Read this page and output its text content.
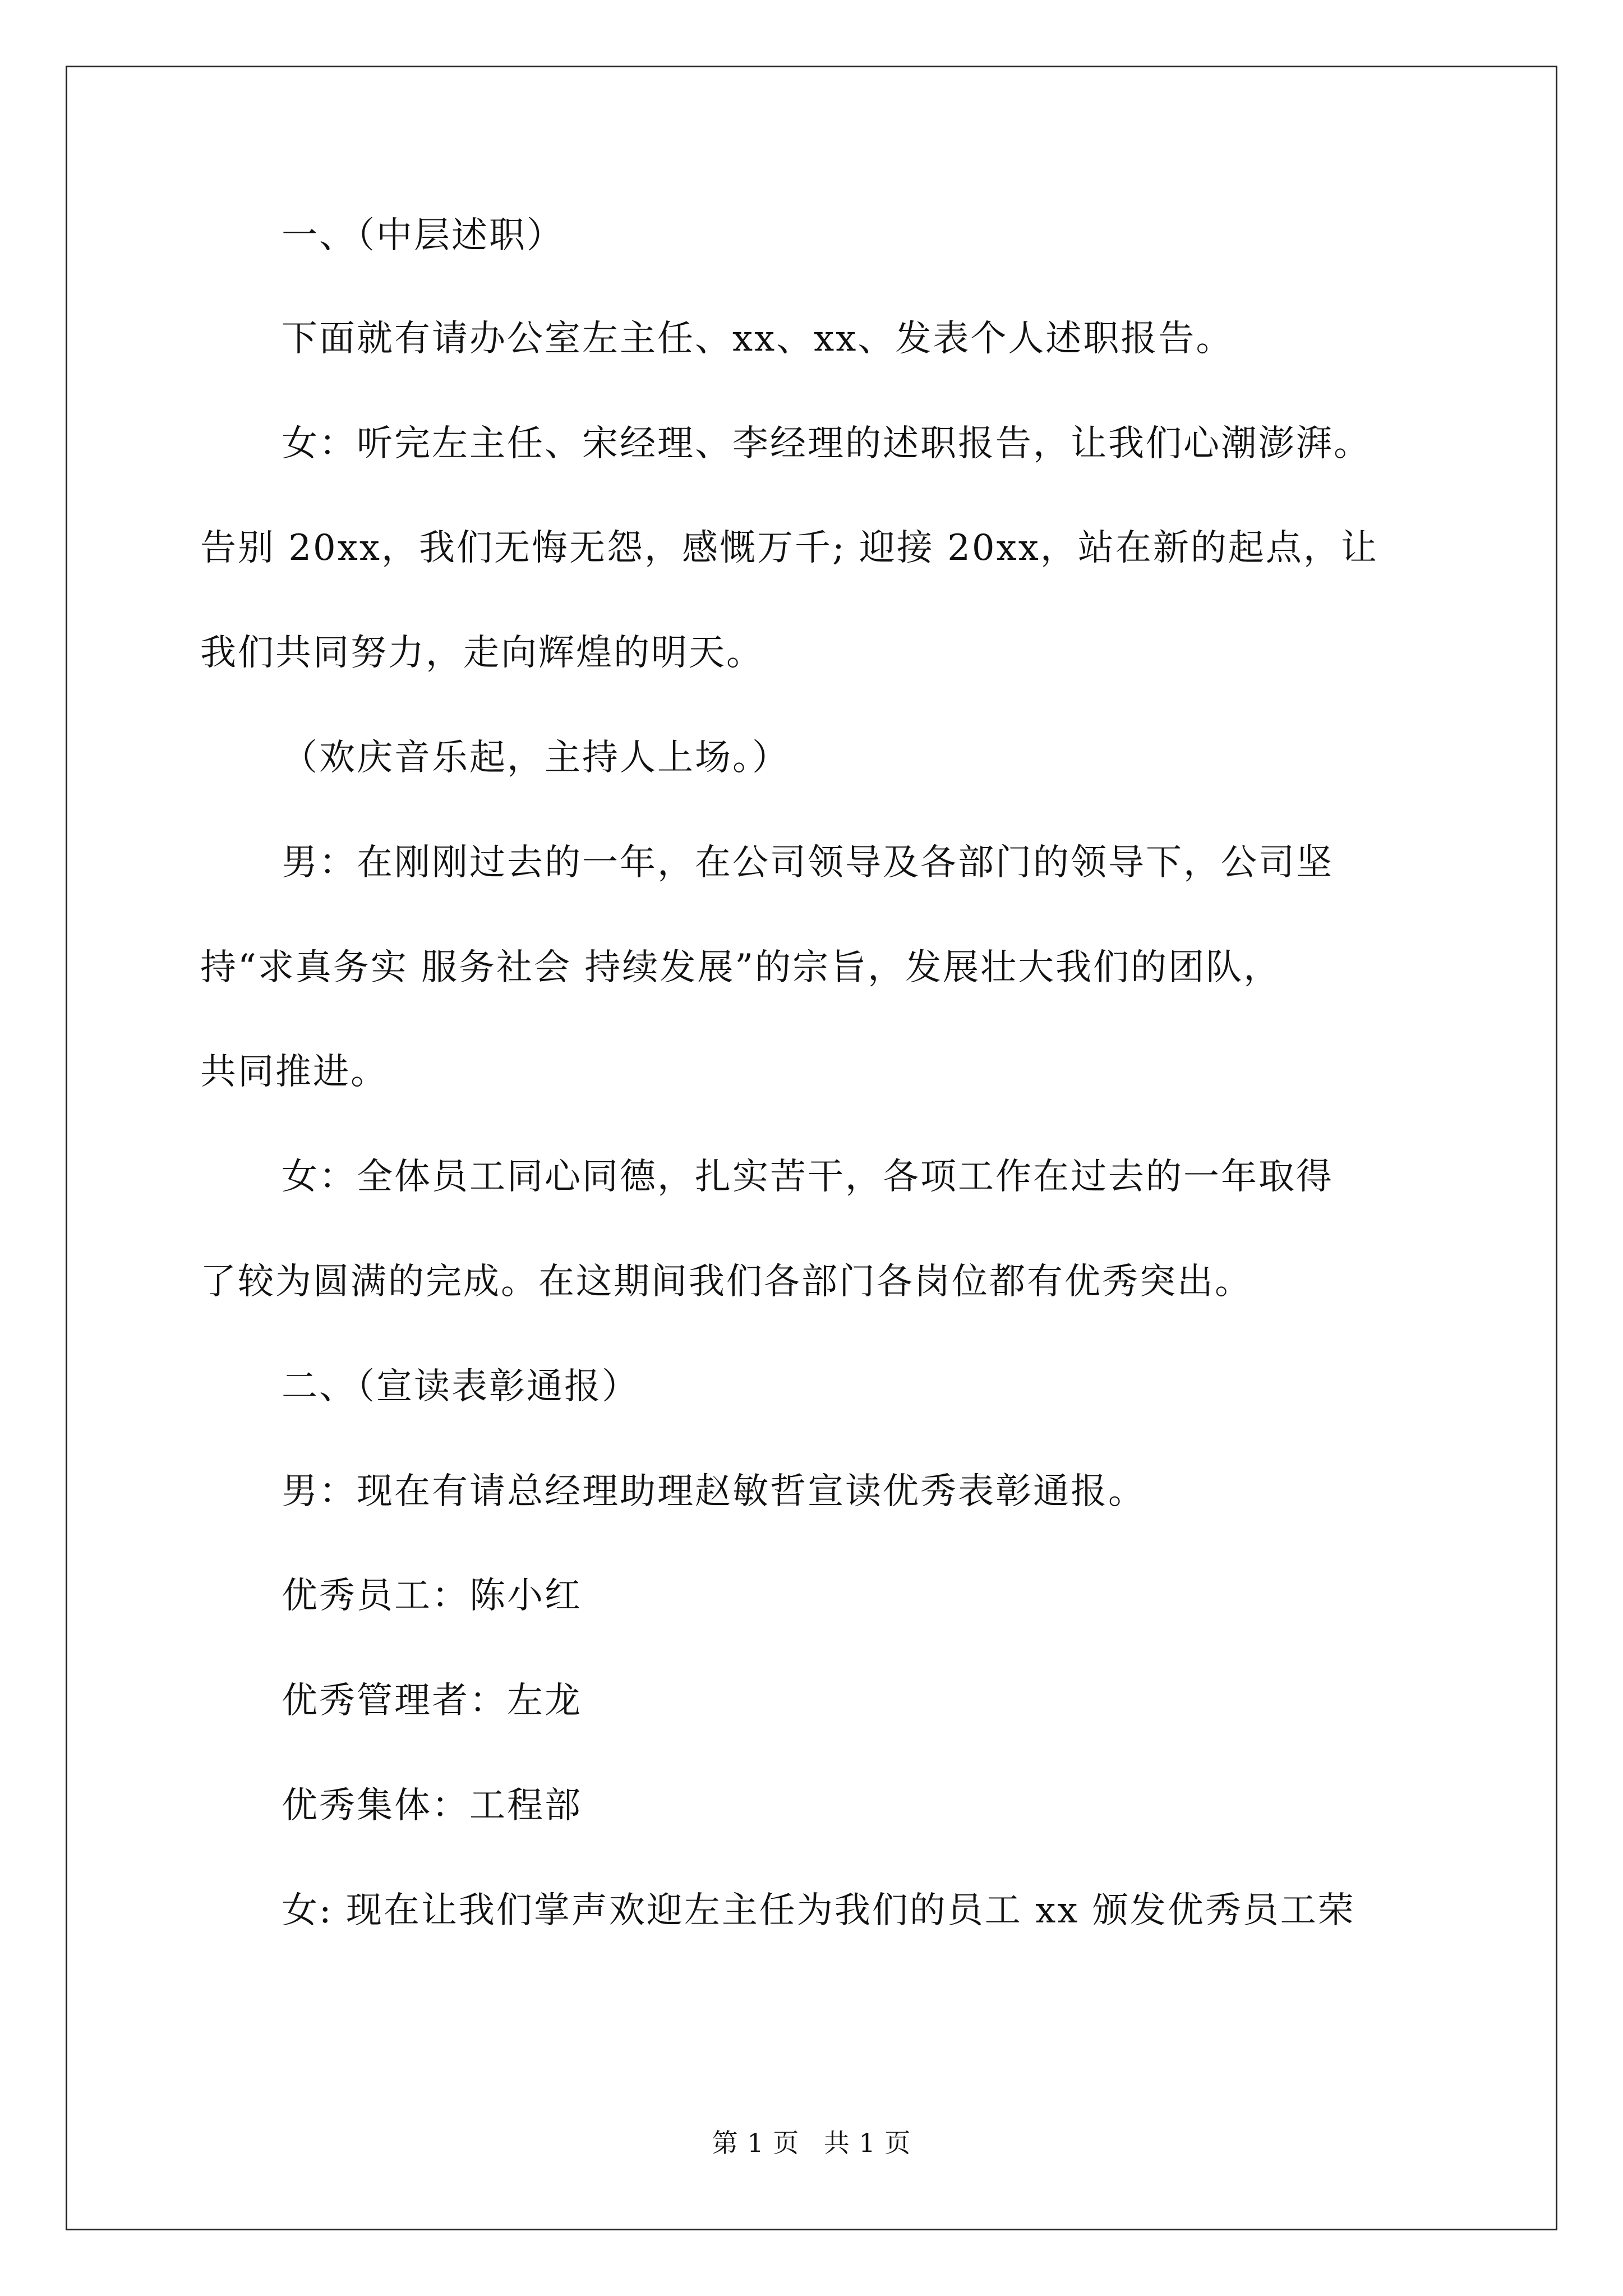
一、（中层述职）
下面就有请办公室左主任、xx、xx、发表个人述职报告。
女：听完左主任、宋经理、李经理的述职报告，让我们心潮澎湃。
告别 20xx，我们无悔无怨，感慨万千; 迎接 20xx，站在新的起点，让
我们共同努力，走向辉煌的明天。
（欢庆音乐起，主持人上场。）
男：在刚刚过去的一年，在公司领导及各部门的领导下，公司坚
持“求真务实 服务社会 持续发展”的宗旨，发展壮大我们的团队，
共同推进。
女：全体员工同心同德，扎实苦干，各项工作在过去的一年取得
了较为圆满的完成。在这期间我们各部门各岗位都有优秀突出。
二、（宣读表彰通报）
男：现在有请总经理助理赵敏哲宣读优秀表彰通报。
优秀员工：陈小红
优秀管理者：左龙
优秀集体：工程部
女: 现在让我们掌声欢迎左主任为我们的员工 xx 颁发优秀员工荣
第 1 页 共 1 页
